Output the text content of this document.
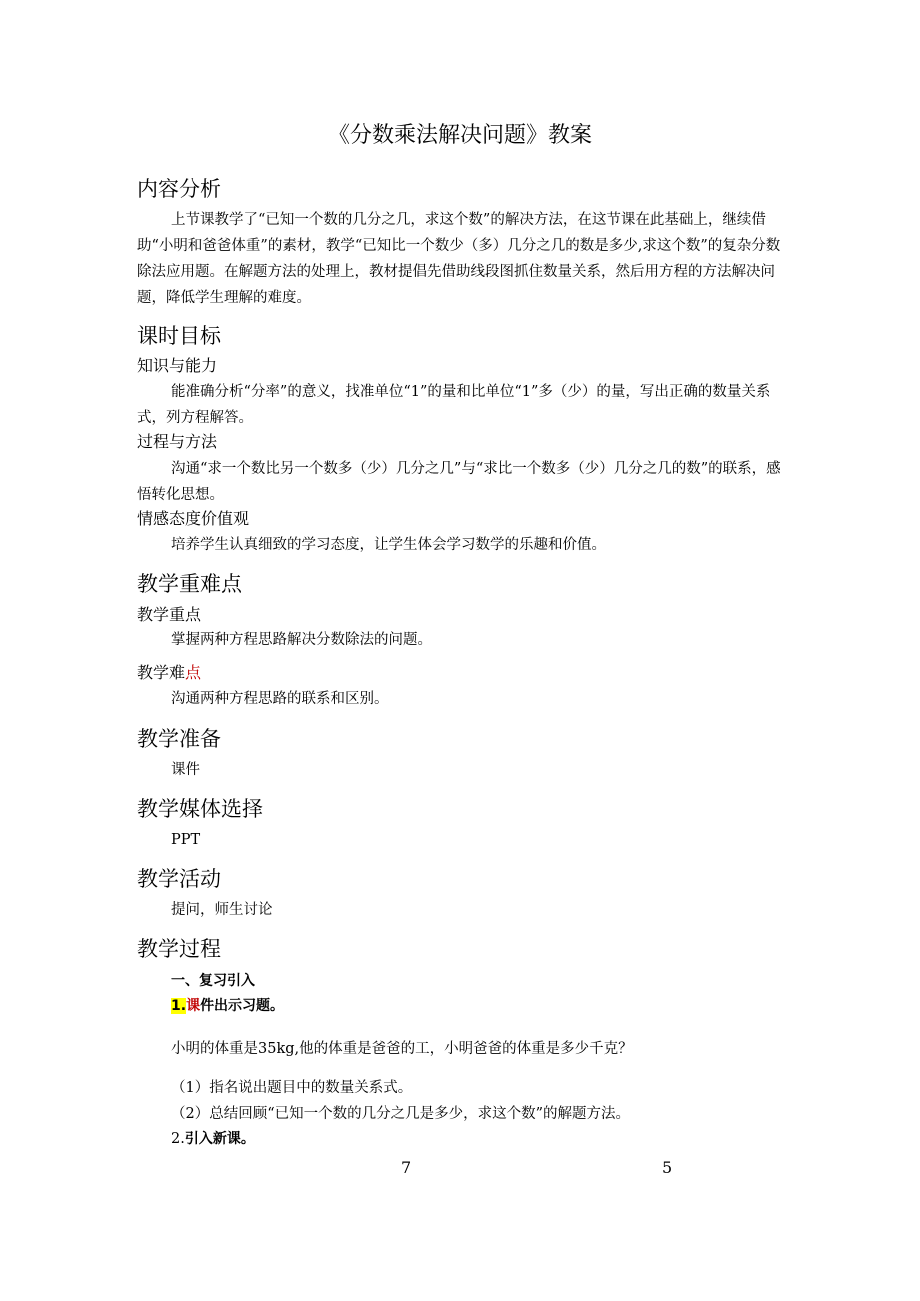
《分数乘法解决问题》教案
内容分析
上节课教学了“已知一个数的几分之几，求这个数”的解决方法，在这节课在此基础上，继续借助“小明和爸爸体重”的素材，教学“已知比一个数少（多）几分之几的数是多少,求这个数”的复杂分数除法应用题。在解题方法的处理上，教材提倡先借助线段图抓住数量关系，然后用方程的方法解决问题，降低学生理解的难度。
课时目标
知识与能力
能准确分析“分率”的意义，找准单位“1”的量和比单位“1”多（少）的量，写出正确的数量关系式，列方程解答。
过程与方法
沟通“求一个数比另一个数多（少）几分之几”与“求比一个数多（少）几分之几的数”的联系，感悟转化思想。
情感态度价值观
培养学生认真细致的学习态度，让学生体会学习数学的乐趣和价值。
教学重难点
教学重点
掌握两种方程思路解决分数除法的问题。
教学难点
沟通两种方程思路的联系和区别。
教学准备
课件
教学媒体选择
PPT
教学活动
提问，师生讨论
教学过程
一、复习引入
1.课件出示习题。
小明的体重是35kg,他的体重是爸爸的工，小明爸爸的体重是多少千克？
（1）指名说出题目中的数量关系式。
（2）总结回顾“已知一个数的几分之几是多少，求这个数”的解题方法。
2.引入新课。
7	5
